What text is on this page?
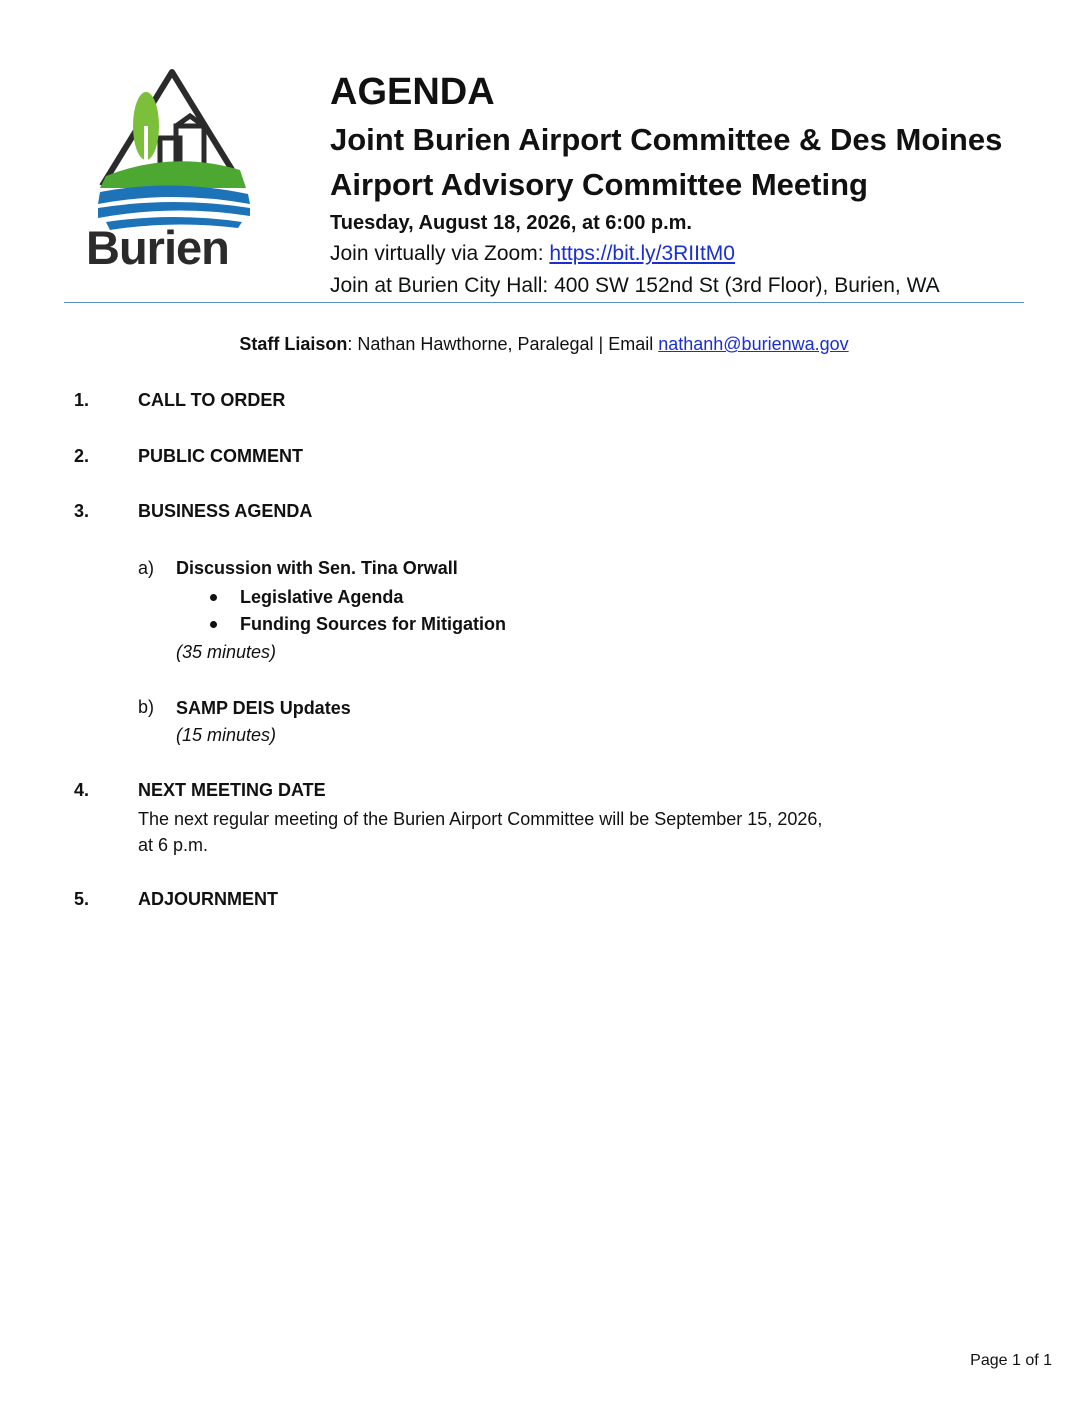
Burien
AGENDA
Joint Burien Airport Committee & Des Moines
Airport Advisory Committee Meeting
Tuesday, August 18, 2026, at 6:00 p.m.
Join virtually via Zoom: https://bit.ly/3RIItM0
Join at Burien City Hall: 400 SW 152nd St (3rd Floor), Burien, WA
Staff Liaison: Nathan Hawthorne, Paralegal | Email nathanh@burienwa.gov
1.	CALL TO ORDER
2.	PUBLIC COMMENT
3.	BUSINESS AGENDA
a) Discussion with Sen. Tina Orwall
Legislative Agenda
Funding Sources for Mitigation
(35 minutes)
b) SAMP DEIS Updates
(15 minutes)
4.	NEXT MEETING DATE
The next regular meeting of the Burien Airport Committee will be September 15, 2026,
at 6 p.m.
5.	ADJOURNMENT
Page 1 of 1
